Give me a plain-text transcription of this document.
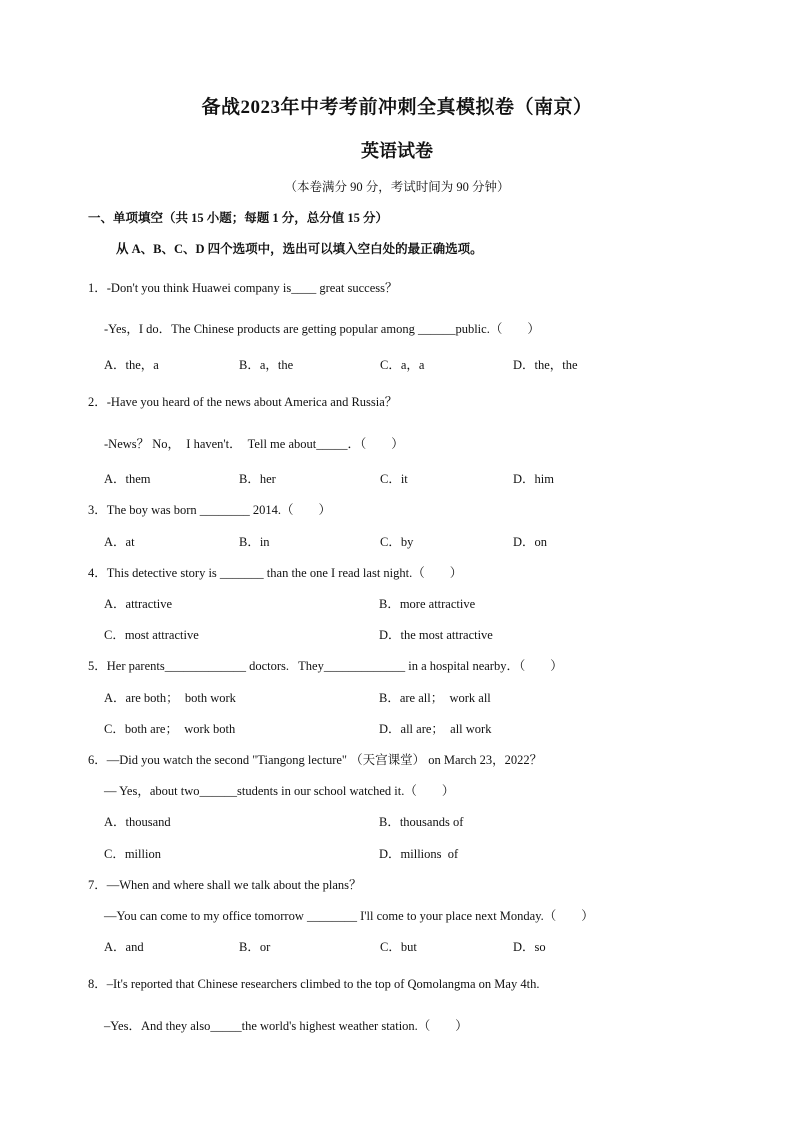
备战2023年中考考前冲刺全真模拟卷（南京）
英语试卷
（本卷满分 90 分，考试时间为 90 分钟）
一、单项填空（共 15 小题；每题 1 分，总分值 15 分）
从 A、B、C、D 四个选项中，选出可以填入空白处的最正确选项。
1．-Don't you think Huawei company is____ great success？
-Yes，I do．The Chinese products are getting popular among ______public.（　　）
A．the，a	B．a，the	C．a，a	D．the，the
2．-Have you heard of the news about America and Russia？
-News？ No，  I haven't．  Tell me about_____．（　　）
A．them	B．her	C．it	D．him
3．The boy was born ________ 2014.（　　）
A．at	B．in	C．by	D．on
4．This detective story is _______ than the one I read last night.（　　）
A．attractive	B．more attractive
C．most attractive	D．the most attractive
5．Her parents_____________ doctors.   They_____________ in a hospital nearby．（　　）
A．are both；  both work	B．are all；  work all
C．both are；  work both	D．all are；  all work
6．—Did you watch the second "Tiangong lecture" （天宫课堂） on March 23，2022？
— Yes，about two______students in our school watched it.（　　）
A．thousand	B．thousands of
C．million	D．millions  of
7．—When and where shall we talk about the plans？
—You can come to my office tomorrow ________ I'll come to your place next Monday.（　　）
A．and	B．or	C．but	D．so
8．–It's reported that Chinese researchers climbed to the top of Qomolangma on May 4th.
–Yes．And they also_____the world's highest weather station.（　　）
